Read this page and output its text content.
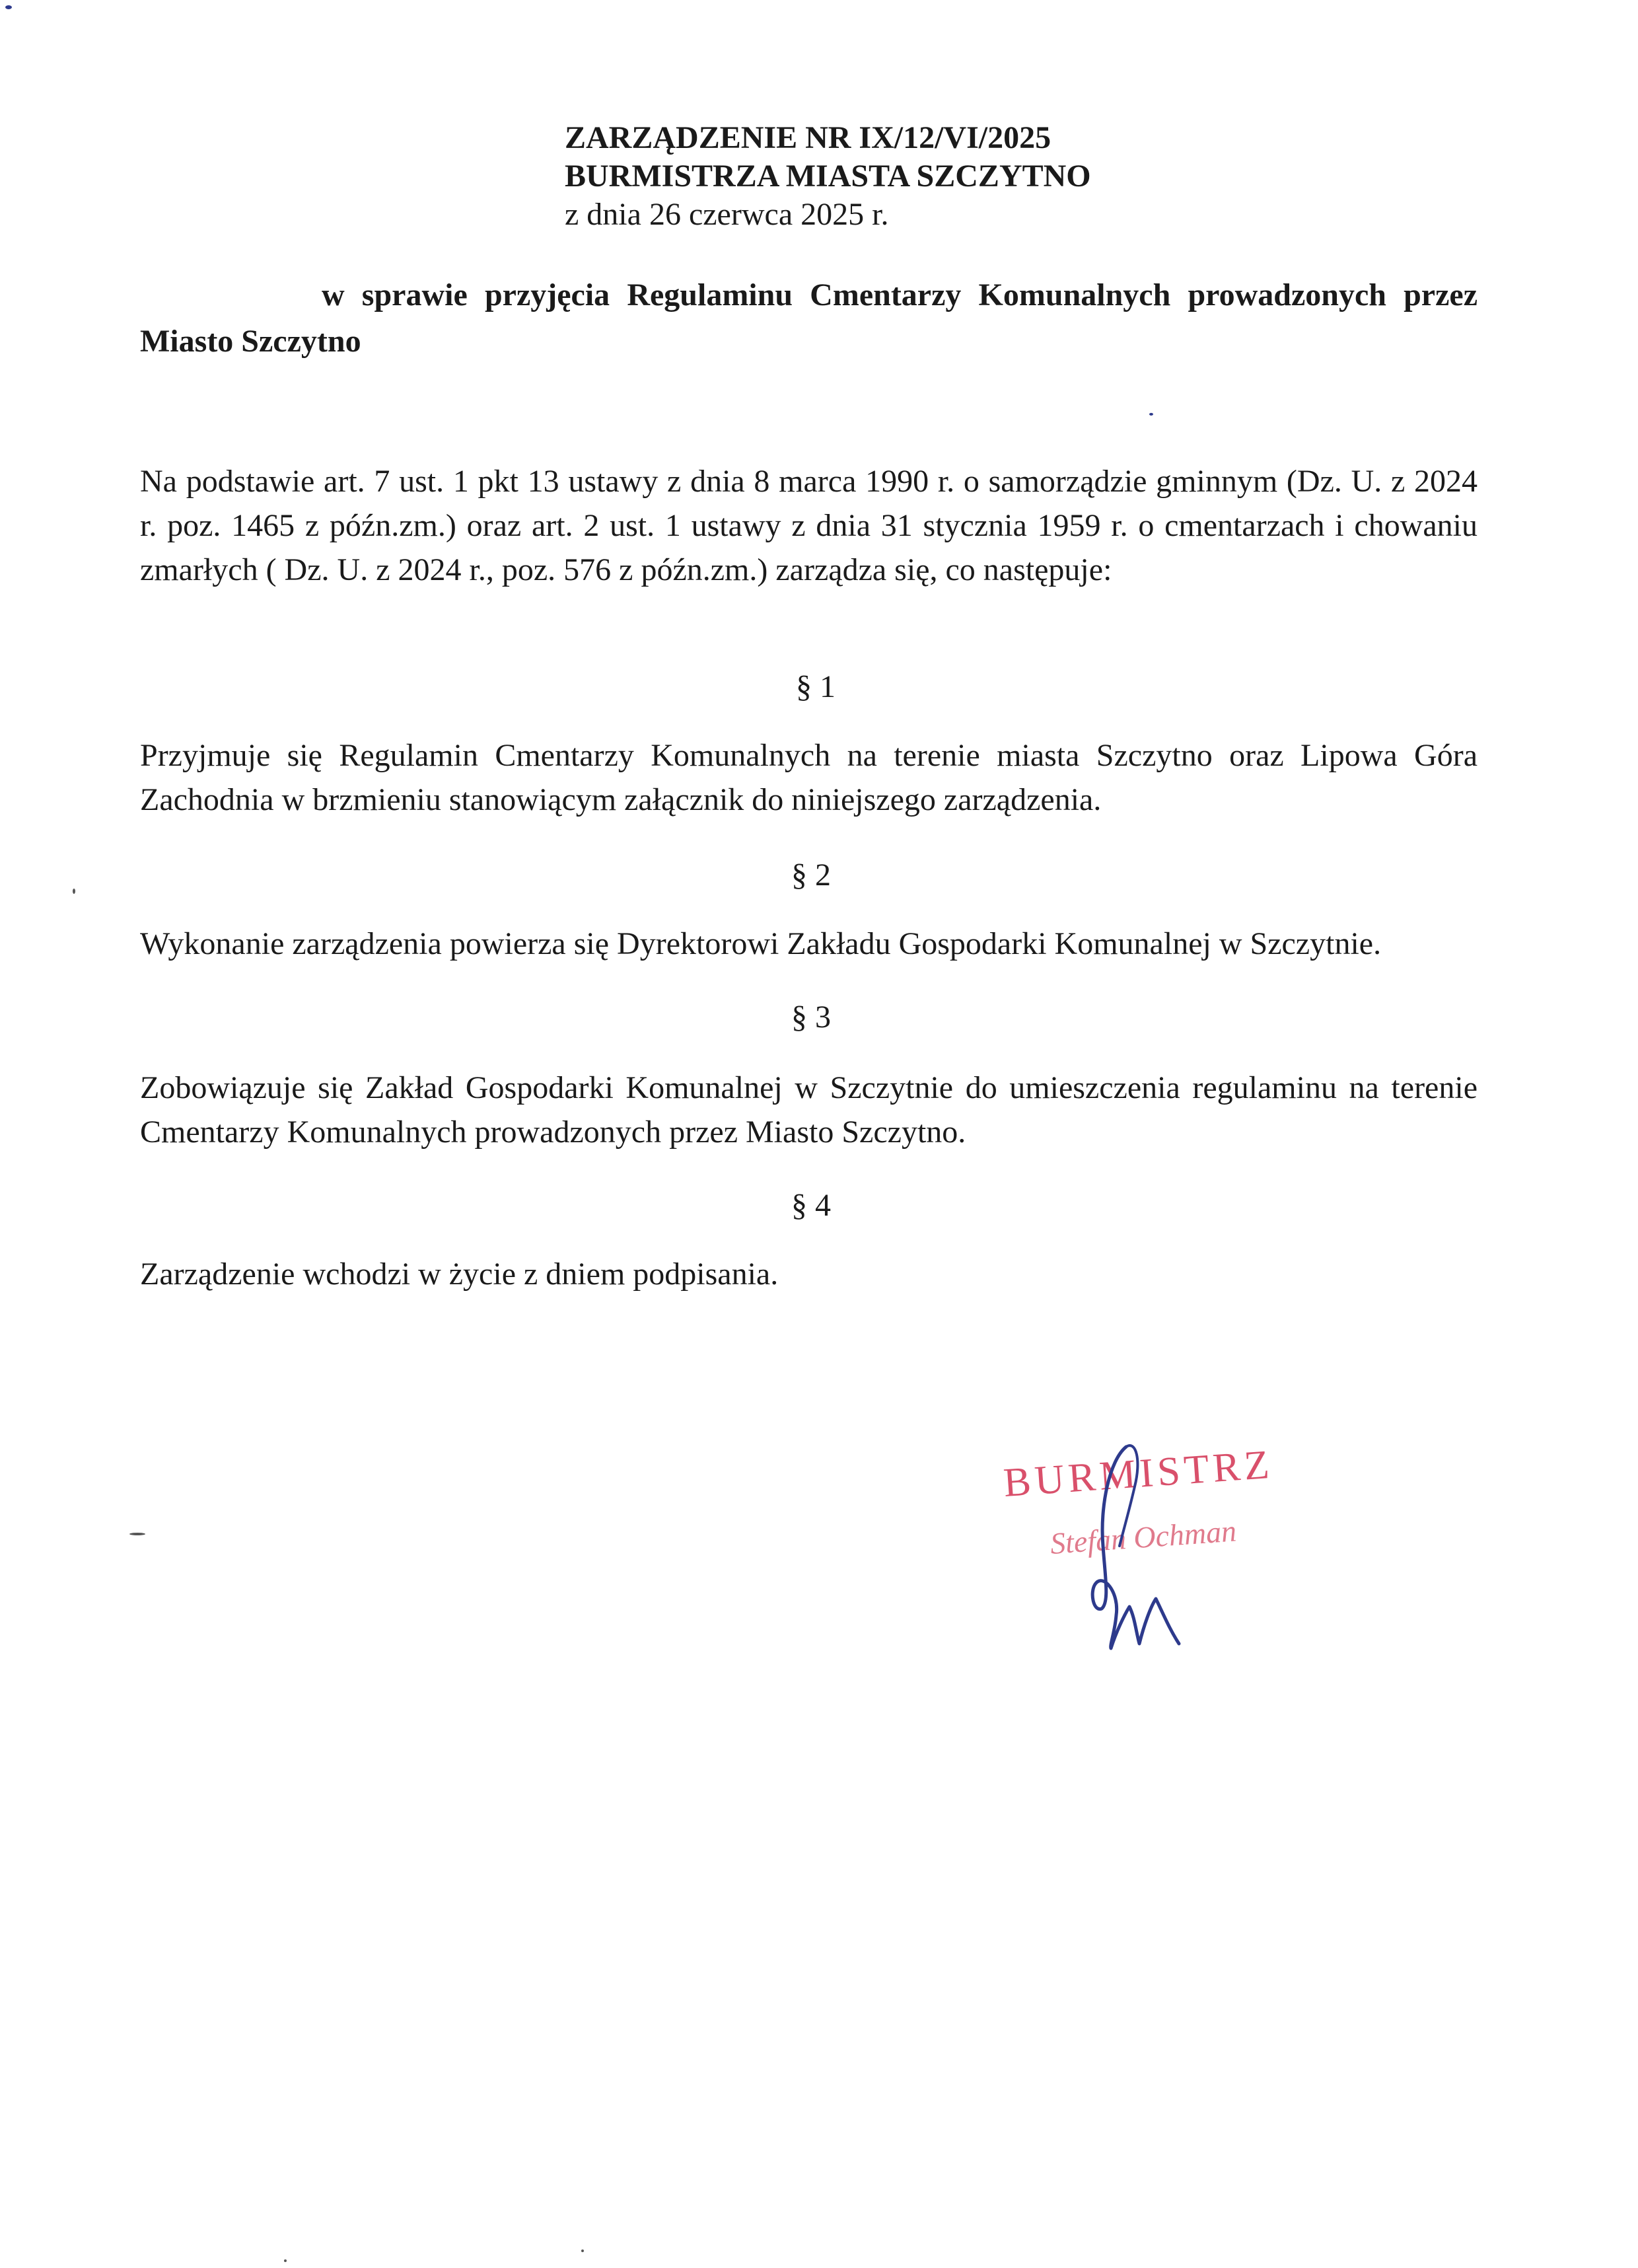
ZARZĄDZENIE NR IX/12/VI/2025
BURMISTRZA MIASTA SZCZYTNO
z dnia 26 czerwca 2025 r.
w sprawie przyjęcia Regulaminu Cmentarzy Komunalnych prowadzonych przez Miasto Szczytno
Na podstawie art. 7 ust. 1 pkt 13 ustawy z dnia 8 marca 1990 r. o samorządzie gminnym (Dz. U. z 2024 r. poz. 1465 z późn.zm.) oraz art. 2 ust. 1 ustawy z dnia 31 stycznia 1959 r. o cmentarzach i chowaniu zmarłych ( Dz. U. z 2024 r., poz. 576 z późn.zm.) zarządza się, co następuje:
§ 1
Przyjmuje się Regulamin Cmentarzy Komunalnych na terenie miasta Szczytno oraz Lipowa Góra Zachodnia w brzmieniu stanowiącym załącznik do niniejszego zarządzenia.
§ 2
Wykonanie zarządzenia powierza się Dyrektorowi Zakładu Gospodarki Komunalnej w Szczytnie.
§ 3
Zobowiązuje się Zakład Gospodarki Komunalnej w Szczytnie do umieszczenia regulaminu na terenie Cmentarzy Komunalnych prowadzonych przez Miasto Szczytno.
§ 4
Zarządzenie wchodzi w życie z dniem podpisania.
BURMISTRZ
Stefan Ochman
